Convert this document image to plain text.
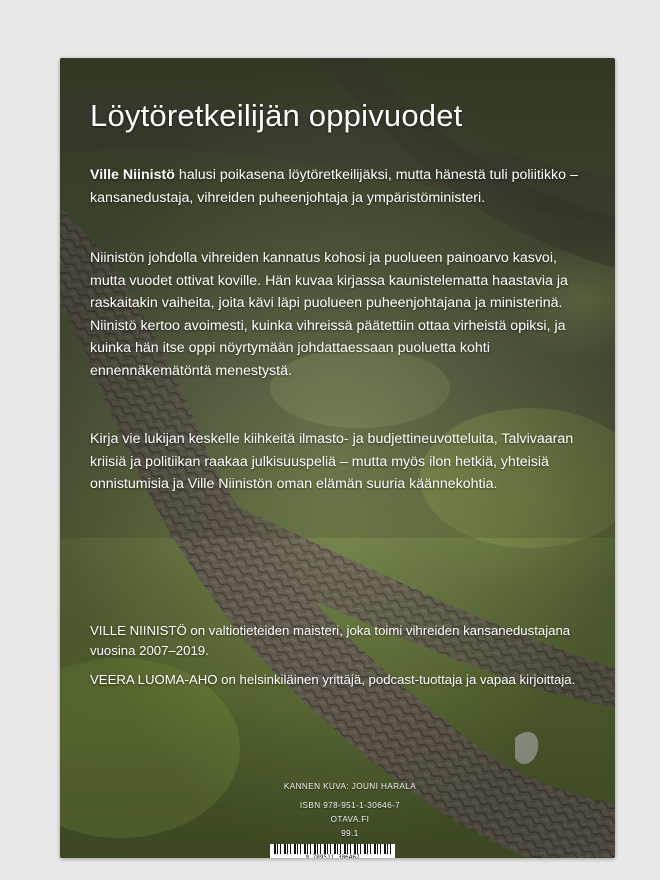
Löytöretkeilijän oppivuodet
Ville Niinistö halusi poikasena löytöretkeilijäksi, mutta hänestä tuli poliitikko – kansanedustaja, vihreiden puheenjohtaja ja ympäristöministeri.
Niinistön johdolla vihreiden kannatus kohosi ja puolueen painoarvo kasvoi, mutta vuodet ottivat koville. Hän kuvaa kirjassa kaunistelematta haastavia ja raskaitakin vaiheita, joita kävi läpi puolueen puheenjohtajana ja ministerinä. Niinistö kertoo avoimesti, kuinka vihreissä päätettiin ottaa virheistä opiksi, ja kuinka hän itse oppi nöyrtymään johdattaessaan puoluetta kohti ennennäkemätöntä menestystä.
Kirja vie lukijan keskelle kiihkeitä ilmasto- ja budjettineuvotteluita, Talvivaaran kriisiä ja politiikan raakaa julkisuuspeliä – mutta myös ilon hetkiä, yhteisiä onnistumisia ja Ville Niinistön oman elämän suuria käännekohtia.
VILLE NIINISTÖ on valtiotieteiden maisteri, joka toimi vihreiden kansanedustajana vuosina 2007–2019.
VEERA LUOMA-AHO on helsinkiläinen yrittäjä, podcast-tuottaja ja vapaa kirjoittaja.
KANNEN KUVA: JOUNI HARALA
ISBN 978-951-1-30646-7
OTAVA.FI
99.1
9 789511 306467
